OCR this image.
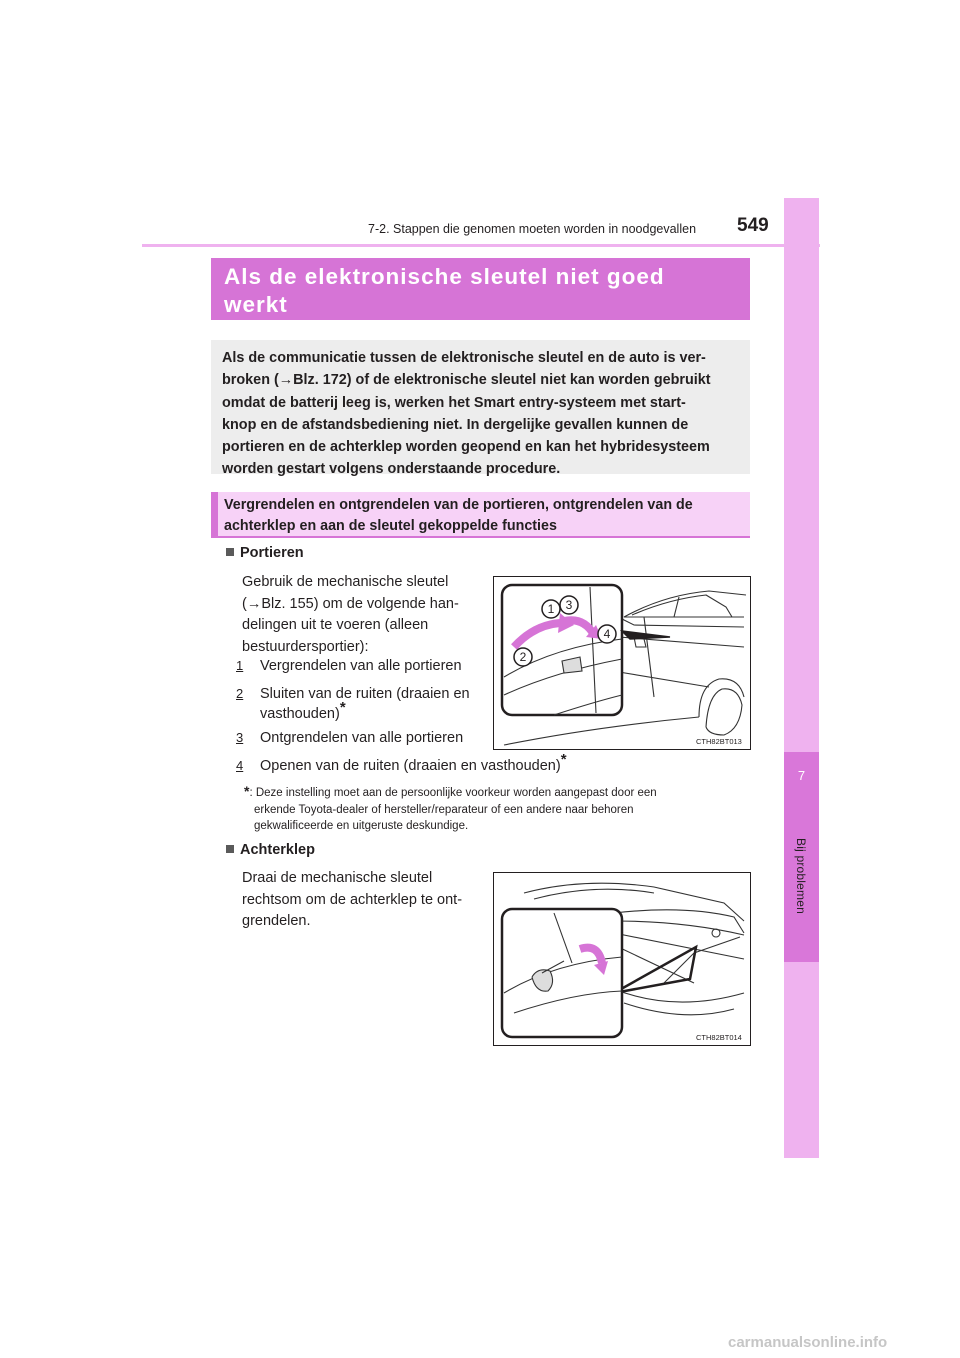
7
Bij problemen
7-2. Stappen die genomen moeten worden in noodgevallen 549
Als de elektronische sleutel niet goed
werkt
Als de communicatie tussen de elektronische sleutel en de auto is ver-
broken (→Blz. 172) of de elektronische sleutel niet kan worden gebruikt
omdat de batterij leeg is, werken het Smart entry-systeem met start-
knop en de afstandsbediening niet. In dergelijke gevallen kunnen de
portieren en de achterklep worden geopend en kan het hybridesysteem
worden gestart volgens onderstaande procedure.
Vergrendelen en ontgrendelen van de portieren, ontgrendelen van de
achterklep en aan de sleutel gekoppelde functies
Portieren
Gebruik de mechanische sleutel
(→Blz. 155) om de volgende han-
delingen uit te voeren (alleen
bestuurdersportier):
1 Vergrendelen van alle portieren
2 Sluiten van de ruiten (draaien en
vasthouden)*
3 Ontgrendelen van alle portieren
4 Openen van de ruiten (draaien en vasthouden)*
1 3
4
2
CTH82BT013
*: Deze instelling moet aan de persoonlijke voorkeur worden aangepast door een
erkende Toyota-dealer of hersteller/reparateur of een andere naar behoren
gekwalificeerde en uitgeruste deskundige.
Achterklep
Draai de mechanische sleutel
rechtsom om de achterklep te ont-
grendelen.
CTH82BT014
carmanualsonline.info
